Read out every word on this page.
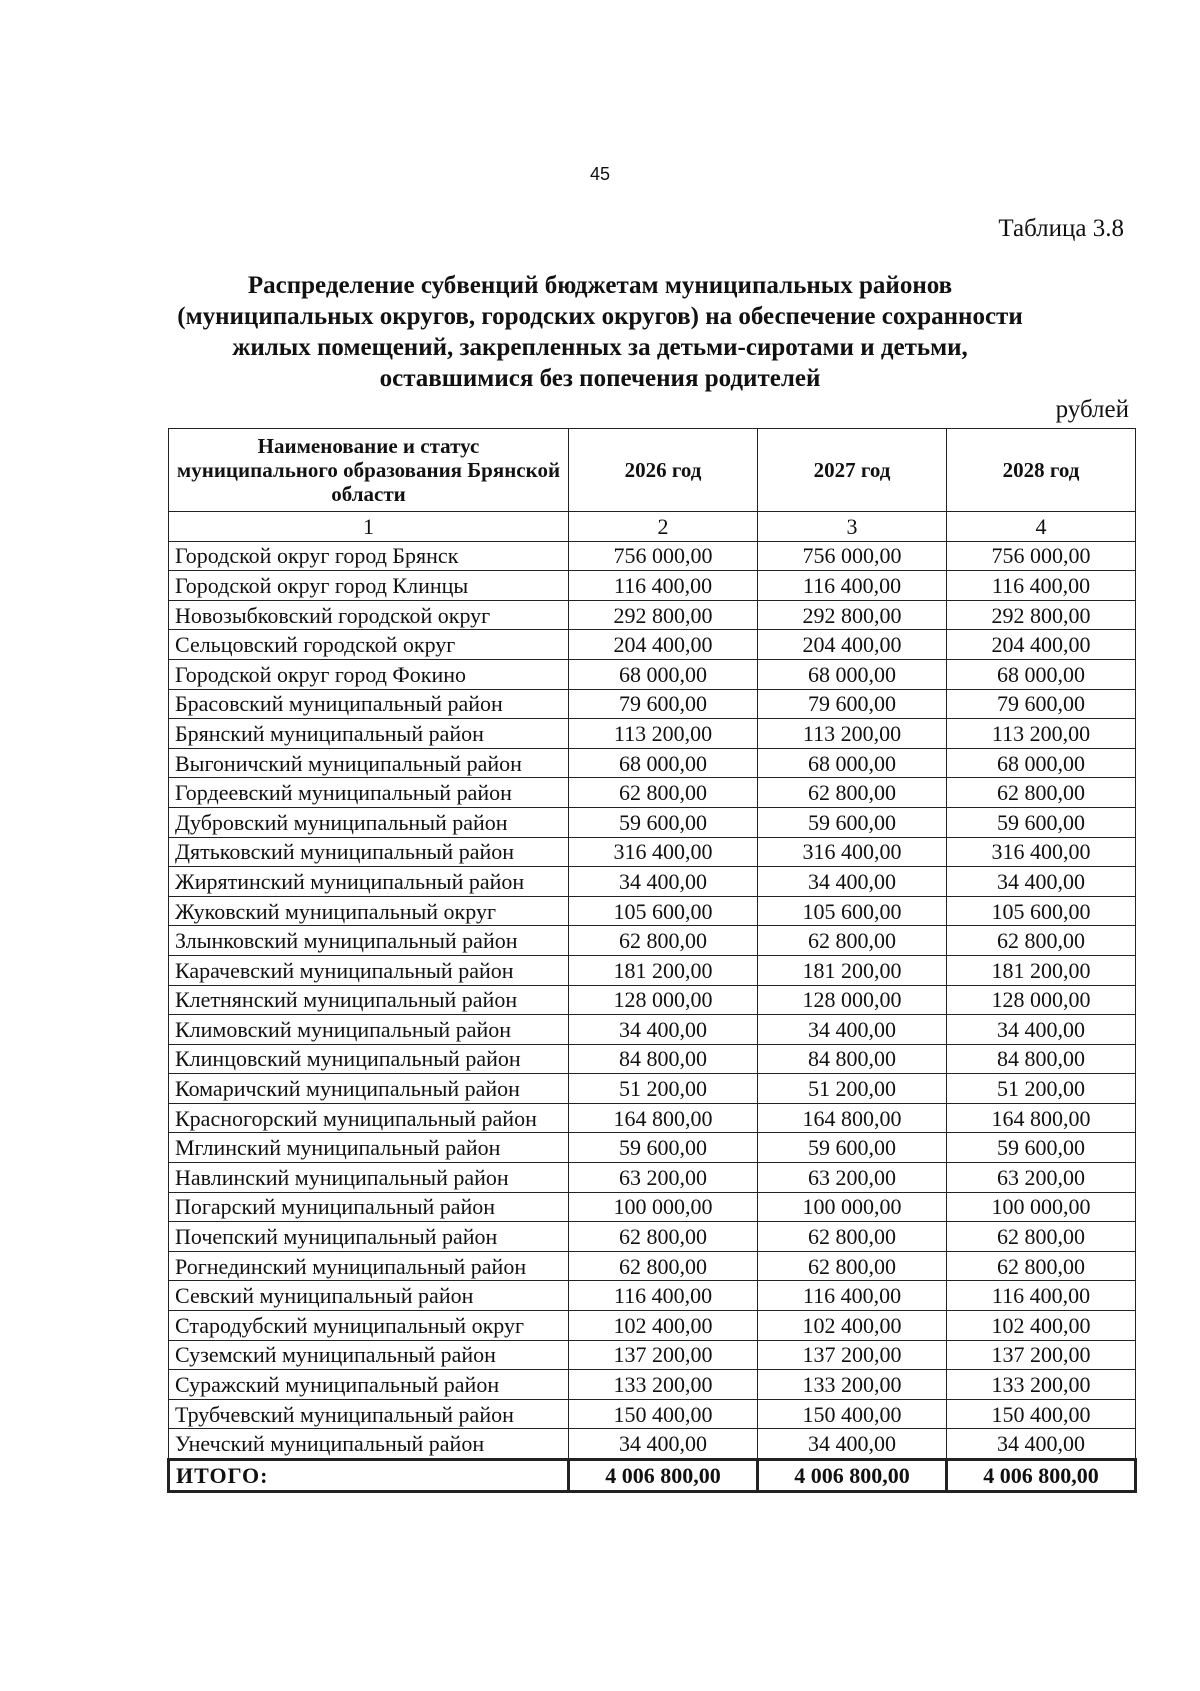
45
Таблица 3.8
Распределение субвенций бюджетам муниципальных районов
(муниципальных округов, городских округов) на обеспечение сохранности
жилых помещений, закрепленных за детьми-сиротами и детьми,
оставшимися без попечения родителей
рублей
Наименование и статус муниципального образования Брянской области	2026 год	2027 год	2028 год
1	2	3	4
Городской округ город Брянск	756 000,00	756 000,00	756 000,00
Городской округ город Клинцы	116 400,00	116 400,00	116 400,00
Новозыбковский городской округ	292 800,00	292 800,00	292 800,00
Сельцовский городской округ	204 400,00	204 400,00	204 400,00
Городской округ город Фокино	68 000,00	68 000,00	68 000,00
Брасовский муниципальный район	79 600,00	79 600,00	79 600,00
Брянский муниципальный район	113 200,00	113 200,00	113 200,00
Выгоничский муниципальный район	68 000,00	68 000,00	68 000,00
Гордеевский муниципальный район	62 800,00	62 800,00	62 800,00
Дубровский муниципальный район	59 600,00	59 600,00	59 600,00
Дятьковский муниципальный район	316 400,00	316 400,00	316 400,00
Жирятинский муниципальный район	34 400,00	34 400,00	34 400,00
Жуковский муниципальный округ	105 600,00	105 600,00	105 600,00
Злынковский муниципальный район	62 800,00	62 800,00	62 800,00
Карачевский муниципальный район	181 200,00	181 200,00	181 200,00
Клетнянский муниципальный район	128 000,00	128 000,00	128 000,00
Климовский муниципальный район	34 400,00	34 400,00	34 400,00
Клинцовский муниципальный район	84 800,00	84 800,00	84 800,00
Комаричский муниципальный район	51 200,00	51 200,00	51 200,00
Красногорский муниципальный район	164 800,00	164 800,00	164 800,00
Мглинский муниципальный район	59 600,00	59 600,00	59 600,00
Навлинский муниципальный район	63 200,00	63 200,00	63 200,00
Погарский муниципальный район	100 000,00	100 000,00	100 000,00
Почепский муниципальный район	62 800,00	62 800,00	62 800,00
Рогнединский муниципальный район	62 800,00	62 800,00	62 800,00
Севский муниципальный район	116 400,00	116 400,00	116 400,00
Стародубский муниципальный округ	102 400,00	102 400,00	102 400,00
Суземский муниципальный район	137 200,00	137 200,00	137 200,00
Суражский муниципальный район	133 200,00	133 200,00	133 200,00
Трубчевский муниципальный район	150 400,00	150 400,00	150 400,00
Унечский муниципальный район	34 400,00	34 400,00	34 400,00
ИТОГО:	4 006 800,00	4 006 800,00	4 006 800,00
